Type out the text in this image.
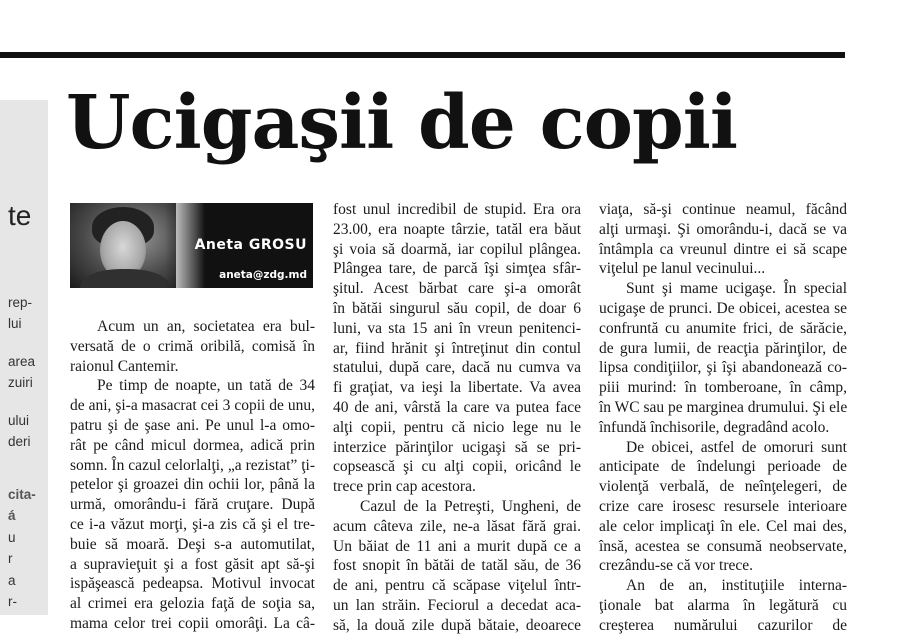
te
rep-
lui
area
zuiri
ului
deri
cita-
á
u
r
a
r-
Ucigaşii de copii
Aneta GROSU
aneta@zdg.md
Acum un an, societatea era bul-
versată de o crimă oribilă, comisă în
raionul Cantemir.
Pe timp de noapte, un tată de 34
de ani, şi-a masacrat cei 3 copii de unu,
patru şi de şase ani. Pe unul l-a omo-
rât pe când micul dormea, adică prin
somn. În cazul celorlalţi, „a rezistat” ţi-
petelor şi groazei din ochii lor, până la
urmă, omorându-i fără cruţare. După
ce i-a văzut morţi, şi-a zis că şi el tre-
buie să moară. Deşi s-a automutilat,
a supravieţuit şi a fost găsit apt să-şi
ispăşească pedeapsa. Motivul invocat
al crimei era gelozia faţă de soţia sa,
mama celor trei copii omorâţi. La câ-
fost unul incredibil de stupid. Era ora
23.00, era noapte târzie, tatăl era băut
şi voia să doarmă, iar copilul plângea.
Plângea tare, de parcă îşi simţea sfâr-
şitul. Acest bărbat care şi-a omorât
în bătăi singurul său copil, de doar 6
luni, va sta 15 ani în vreun penitenci-
ar, fiind hrănit şi întreţinut din contul
statului, după care, dacă nu cumva va
fi graţiat, va ieşi la libertate. Va avea
40 de ani, vârstă la care va putea face
alţi copii, pentru că nicio lege nu le
interzice părinţilor ucigaşi să se pri-
copsească şi cu alţi copii, oricând le
trece prin cap acestora.
Cazul de la Petreşti, Ungheni, de
acum câteva zile, ne-a lăsat fără grai.
Un băiat de 11 ani a murit după ce a
fost snopit în bătăi de tatăl său, de 36
de ani, pentru că scăpase viţelul într-
un lan străin. Feciorul a decedat aca-
să, la două zile după bătaie, deoarece
viaţa, să-şi continue neamul, făcând
alţi urmaşi. Şi omorându-i, dacă se va
întâmpla ca vreunul dintre ei să scape
viţelul pe lanul vecinului...
Sunt şi mame ucigaşe. În special
ucigaşe de prunci. De obicei, acestea se
confruntă cu anumite frici, de sărăcie,
de gura lumii, de reacţia părinţilor, de
lipsa condiţiilor, şi îşi abandonează co-
piii murind: în tomberoane, în câmp,
în WC sau pe marginea drumului. Şi ele
înfundă închisorile, degradând acolo.
De obicei, astfel de omoruri sunt
anticipate de îndelungi perioade de
violenţă verbală, de neînţelegeri, de
crize care irosesc resursele interioare
ale celor implicaţi în ele. Cel mai des,
însă, acestea se consumă neobservate,
crezându-se că vor trece.
An de an, instituţiile interna-
ţionale bat alarma în legătură cu
creşterea numărului cazurilor de
